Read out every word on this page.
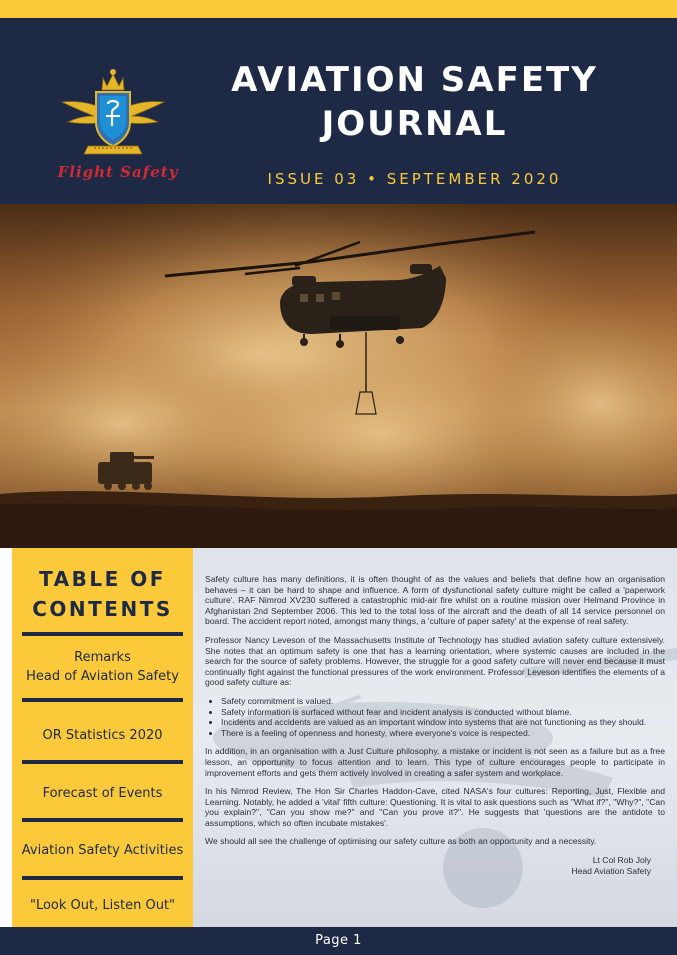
Flight Safety
AVIATION SAFETY
JOURNAL
ISSUE 03 • SEPTEMBER 2020
TABLE OF
CONTENTS
Remarks
Head of Aviation Safety
OR Statistics 2020
Forecast of Events
Aviation Safety Activities
"Look Out, Listen Out"

Safety culture has many definitions, it is often thought of as the values and beliefs that define how an organisation behaves – it can be hard to shape and influence. A form of dysfunctional safety culture might be called a 'paperwork culture'. RAF Nimrod XV230 suffered a catastrophic mid-air fire whilst on a routine mission over Helmand Province in Afghanistan 2nd September 2006. This led to the total loss of the aircraft and the death of all 14 service personnel on board. The accident report noted, amongst many things, a 'culture of paper safety' at the expense of real safety.

Professor Nancy Leveson of the Massachusetts Institute of Technology has studied aviation safety culture extensively. She notes that an optimum safety is one that has a learning orientation, where systemic causes are included in the search for the source of safety problems. However, the struggle for a good safety culture will never end because it must continually fight against the functional pressures of the work environment. Professor Leveson identifies the elements of a good safety culture as:

• Safety commitment is valued.
• Safety information is surfaced without fear and incident analysis is conducted without blame.
• Incidents and accidents are valued as an important window into systems that are not functioning as they should.
• There is a feeling of openness and honesty, where everyone's voice is respected.

In addition, in an organisation with a Just Culture philosophy, a mistake or incident is not seen as a failure but as a free lesson, an opportunity to focus attention and to learn. This type of culture encourages people to participate in improvement efforts and gets them actively involved in creating a safer system and workplace.

In his Nimrod Review, The Hon Sir Charles Haddon-Cave, cited NASA's four cultures: Reporting, Just, Flexible and Learning. Notably, he added a 'vital' fifth culture: Questioning. It is vital to ask questions such as "What if?", "Why?", "Can you explain?", "Can you show me?" and "Can you prove it?". He suggests that 'questions are the antidote to assumptions, which so often incubate mistakes'.

We should all see the challenge of optimising our safety culture as both an opportunity and a necessity.

Lt Col Rob Joly
Head Aviation Safety
Page 1
